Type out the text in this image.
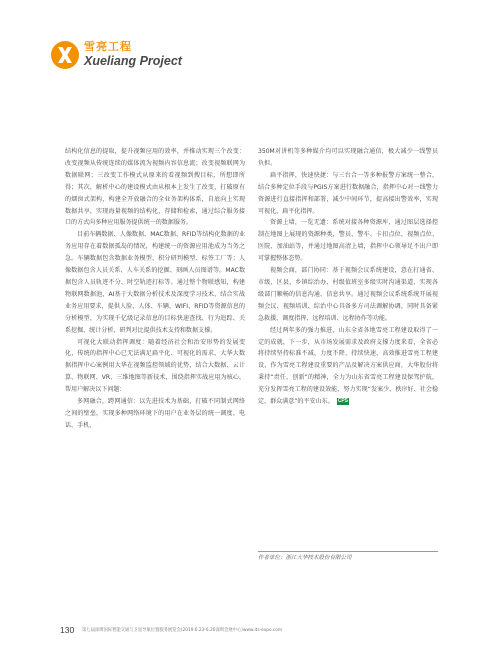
雪亮工程
Xueliang Project

结构化信息的提取，提升视频应用的效率，并推动实现三个改变：改变视频从传统连续的媒体流为视频内容信息流；改变视频联网为数据联网；三改变工作模式从原来的看视频到搜目标，所想即所得；其次，解析中心的建设模式由从根本上发生了改变，打破原有的烟囱式架构，构建全开放融合的全业务架构体系，自底向上实现数据共享，实现海量视频的结构化、存储和检索，通过综合服务接口的方式向多种应用服务提供统一的数据服务。

目前车辆数据、人像数据、MAC数据、RFID等结构化数据的业务应用存在着数据孤岛的情况，构建统一的资源应用池成为当务之急。车辆数据包含数据业务模型、积分研判模型、标签工厂等；人像数据包含人员关系、人车关系的挖掘、刻画人员图谱等。MAC数据包含人员轨迹不分、时空轨迹打标等。通过整个物联感知，构建物联网数据池，AI基于大数据分析技术及深度学习技术，结合实战业务应用要求，提供人脸、人体、车辆、WIFI、RFID等资源信息的分析模型，为实现千亿级记录信息的目标快速查找、行为追踪、关系挖掘、统计分析、研判对比提供技术支持和数据支撑。

可视化大联动指挥调度：随着经济社会和治安形势的发展变化，传统的指挥中心已无法满足扁平化、可视化的需求，大华大数据指挥中心案例用大华在视频监控领域的优势，结合大数据、云计算、物联网、VR、三维地图等新技术，围绕指挥实战应用为核心，帮用户解决以下问题：

多网融合，跨网通信：以先进技术为基础，打破不同制式网络之间的壁垒，实现多种网络环境下的用户在业务层的统一调度、电话、手机、

350M对讲机等多种媒介均可以实现融合通信，极大减少一线警员负担。

扁平指挥，快速快捷：与三台合一等多种报警方案统一整合，结合多种定位手段与PGIS方案进行数据融合，指挥中心对一线警力资源进行直接指挥和部署，减少中间环节，提高接出警效率，实现可视化、扁平化指挥。

资源上墙，一览无遗：系统对接各种资源库，通过图层选择控制在地图上展现的资源种类，警员、警车、卡扣点位、视频点位、医院、加油站等，并通过地图高清上墙，指挥中心领导足不出户即可掌握整体态势。

视频会商，部门协同：基于视频会议系统建设，意在打通省、市级、区县、乡镇综治办、村级值班室多级实时沟通渠道，实现各级部门顺畅的信息沟通、信息共享。通过视频会议系统系统开展视频会议、视频培训、综治中心具备多方司法调解协调，同时具备紧急救援、调度指挥、远程培训、远程协作等功能。

经过两年多的强力推进，山东全省各地雪亮工程建设取得了一定的成就，下一步，从市场发展需求及政府支撑力度来看，全省必将持续坚持标准不减、力度不降、持续快速、高效推进雪亮工程建设，作为雪亮工程建设重要的产品及解决方案供应商，大华股份将秉持“责任、创新”的精神，全力为山东省雪亮工程建设保驾护航，充分发挥雪亮工程的建设效能，努力实现“发案少、秩序好、社会稳定、群众满意”的平安山东。 CPS

作者单位：浙江大华技术股份有限公司
130 第七届深圳国际智能交通与卫星导航位置服务展览会(2019.6.23-6.26深圳会展中心)www.its-expo.com
